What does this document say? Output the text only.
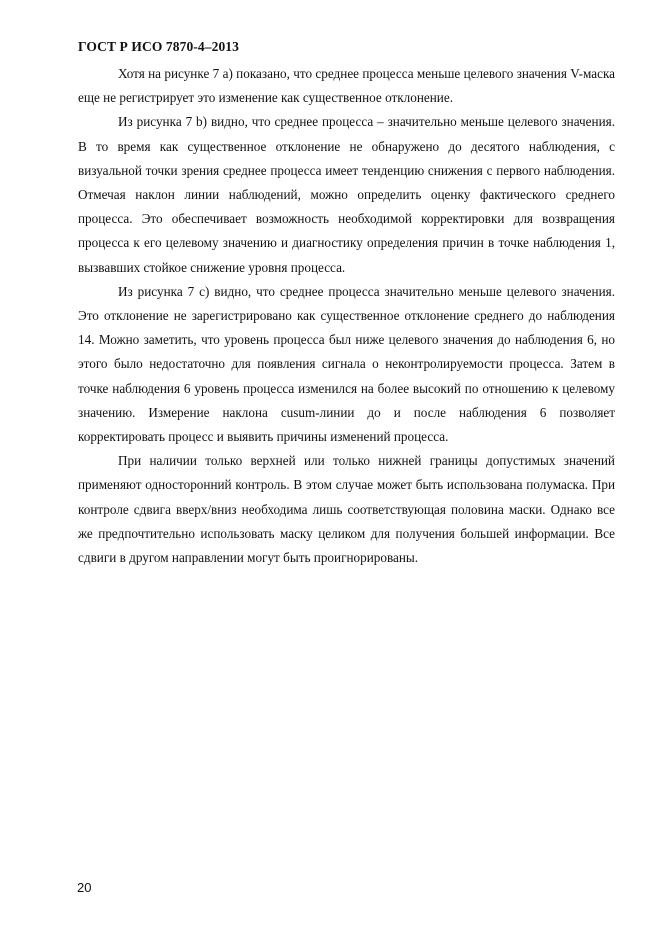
ГОСТ Р ИСО 7870-4–2013

Хотя на рисунке 7 а) показано, что среднее процесса меньше целевого значения V-маска еще не регистрирует это изменение как существенное отклонение.

Из рисунка 7 b) видно, что среднее процесса – значительно меньше целевого значения. В то время как существенное отклонение не обнаружено до десятого наблюдения, с визуальной точки зрения среднее процесса имеет тенденцию снижения с первого наблюдения. Отмечая наклон линии наблюдений, можно определить оценку фактического среднего процесса. Это обеспечивает возможность необходимой корректировки для возвращения процесса к его целевому значению и диагностику определения причин в точке наблюдения 1, вызвавших стойкое снижение уровня процесса.

Из рисунка 7 с) видно, что среднее процесса значительно меньше целевого значения. Это отклонение не зарегистрировано как существенное отклонение среднего до наблюдения 14. Можно заметить, что уровень процесса был ниже целевого значения до наблюдения 6, но этого было недостаточно для появления сигнала о неконтролируемости процесса. Затем в точке наблюдения 6 уровень процесса изменился на более высокий по отношению к целевому значению. Измерение наклона cusum-линии до и после наблюдения 6 позволяет корректировать процесс и выявить причины изменений процесса.

При наличии только верхней или только нижней границы допустимых значений применяют односторонний контроль. В этом случае может быть использована полумаска. При контроле сдвига вверх/вниз необходима лишь соответствующая половина маски. Однако все же предпочтительно использовать маску целиком для получения большей информации. Все сдвиги в другом направлении могут быть проигнорированы.

20
